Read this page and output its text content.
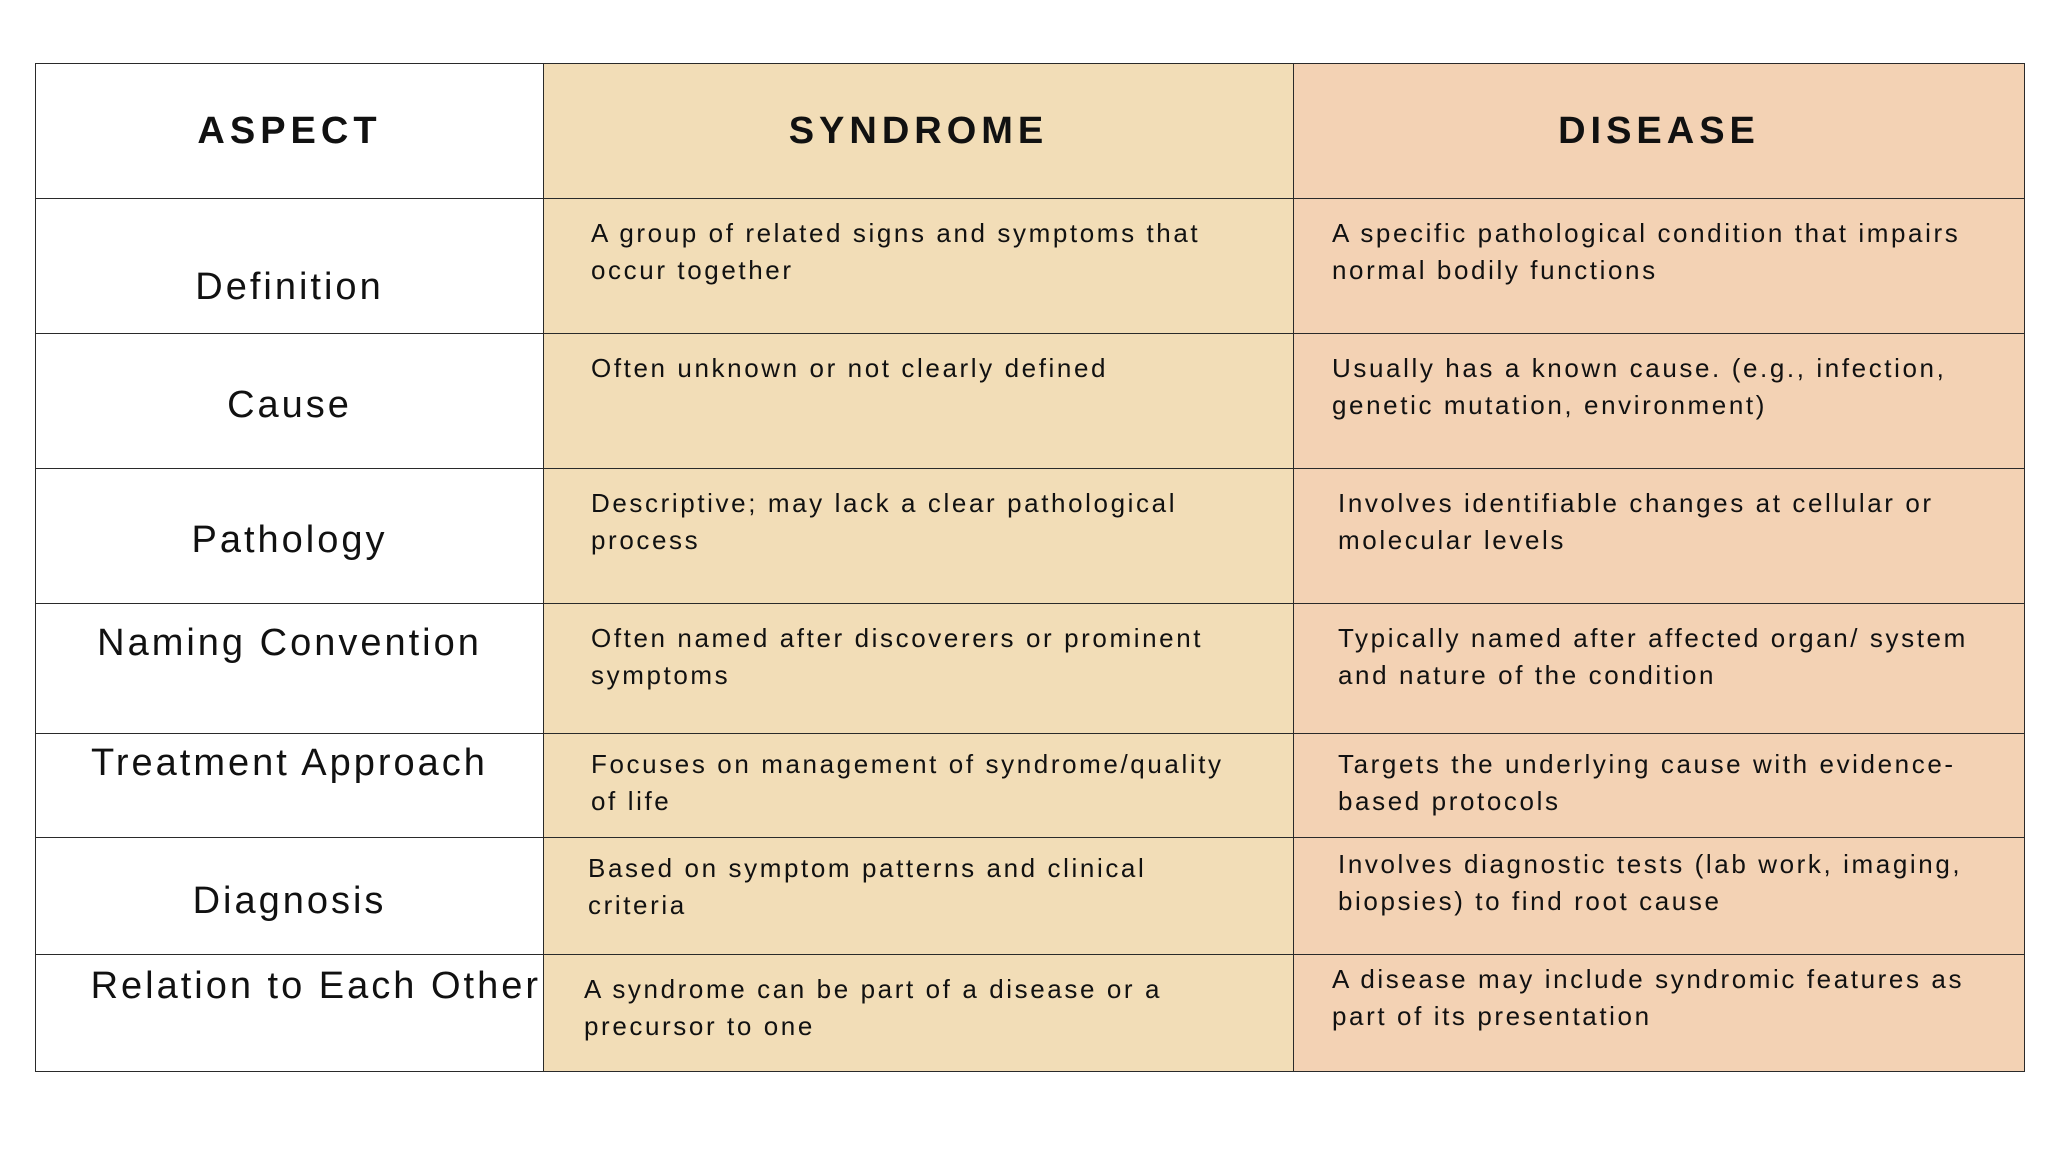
ASPECT	SYNDROME	DISEASE

Definition	A group of related signs and symptoms that occur together	A specific pathological condition that impairs normal bodily functions

Cause	Often unknown or not clearly defined	Usually has a known cause. (e.g., infection, genetic mutation, environment)

Pathology	Descriptive; may lack a clear pathological process	Involves identifiable changes at cellular or molecular levels

Naming Convention	Often named after discoverers or prominent symptoms	Typically named after affected organ/ system and nature of the condition

Treatment Approach	Focuses on management of syndrome/quality of life	Targets the underlying cause with evidence-based protocols

Diagnosis	Based on symptom patterns and clinical criteria	Involves diagnostic tests (lab work, imaging, biopsies) to find root cause

Relation to Each Other	A syndrome can be part of a disease or a precursor to one	A disease may include syndromic features as part of its presentation
